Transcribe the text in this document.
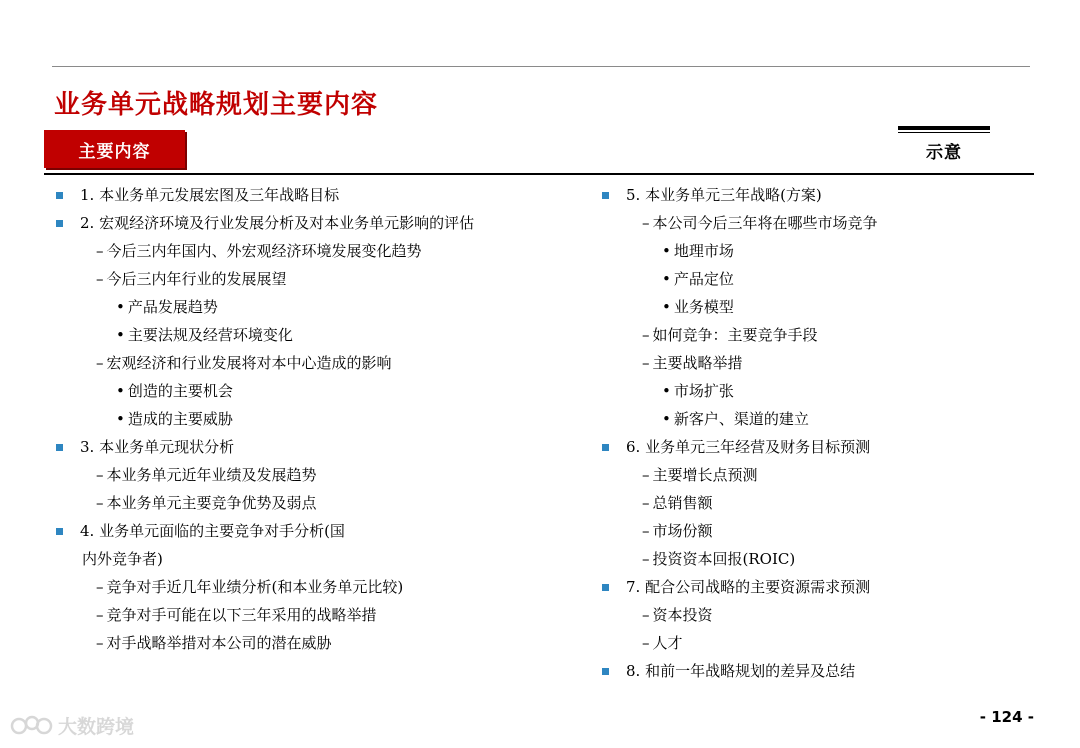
业务单元战略规划主要内容
主要内容	示意
1. 本业务单元发展宏图及三年战略目标
2. 宏观经济环境及行业发展分析及对本业务单元影响的评估
– 今后三内年国内、外宏观经济环境发展变化趋势
– 今后三内年行业的发展展望
• 产品发展趋势
• 主要法规及经营环境变化
– 宏观经济和行业发展将对本中心造成的影响
• 创造的主要机会
• 造成的主要威胁
3. 本业务单元现状分析
– 本业务单元近年业绩及发展趋势
– 本业务单元主要竞争优势及弱点
4. 业务单元面临的主要竞争对手分析(国
内外竞争者)
– 竞争对手近几年业绩分析(和本业务单元比较)
– 竞争对手可能在以下三年采用的战略举措
– 对手战略举措对本公司的潜在威胁
5. 本业务单元三年战略(方案)
– 本公司今后三年将在哪些市场竞争
• 地理市场
• 产品定位
• 业务模型
– 如何竞争：主要竞争手段
– 主要战略举措
• 市场扩张
• 新客户、渠道的建立
6. 业务单元三年经营及财务目标预测
– 主要增长点预测
– 总销售额
– 市场份额
– 投资资本回报(ROIC)
7. 配合公司战略的主要资源需求预测
– 资本投资
– 人才
8. 和前一年战略规划的差异及总结
- 124 -
大数跨境
